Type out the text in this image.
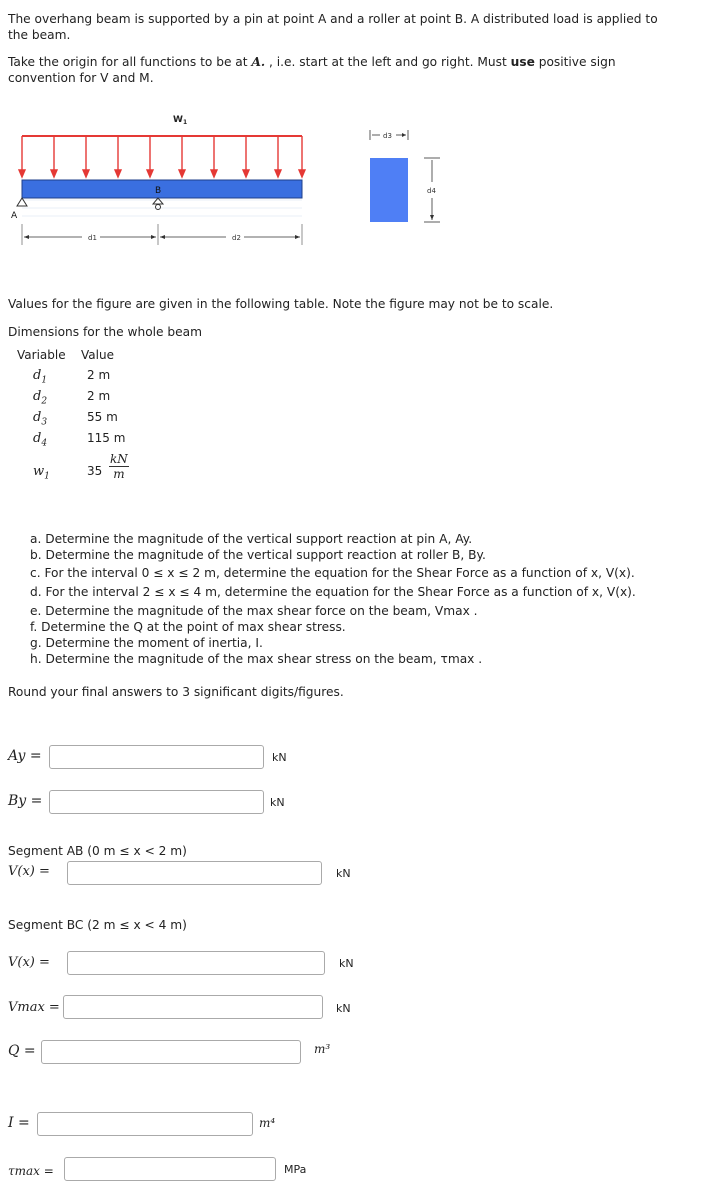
The overhang beam is supported by a pin at point A and a roller at point B. A distributed load is applied to
the beam.
Take the origin for all functions to be at A. , i.e. start at the left and go right. Must use positive sign
convention for V and M.
$W_1$
B
A
d1	d2
d3
d4
Values for the figure are given in the following table. Note the figure may not be to scale.
Dimensions for the whole beam
Variable Value
$d_1$	2 m
$d_2$	2 m
$d_3$	55 m
$d_4$	115 m
$w_1$	$35 \frac{kN}{m}$
a. Determine the magnitude of the vertical support reaction at pin A, Ay.
b. Determine the magnitude of the vertical support reaction at roller B, By.
c. For the interval 0 ≤ x ≤ 2 m, determine the equation for the Shear Force as a function of x, V(x).
d. For the interval 2 ≤ x ≤ 4 m, determine the equation for the Shear Force as a function of x, V(x).
e. Determine the magnitude of the max shear force on the beam, Vmax .
f. Determine the Q at the point of max shear stress.
g. Determine the moment of inertia, I.
h. Determine the magnitude of the max shear stress on the beam, τmax .
Round your final answers to 3 significant digits/figures.
Ay =	kN
By =	kN
Segment AB (0 m ≤ x < 2 m)
V(x) =	kN
Segment BC (2 m ≤ x < 4 m)
V(x) =	kN
Vmax =	kN
Q =	m³
I =	m⁴
τmax =	MPa
